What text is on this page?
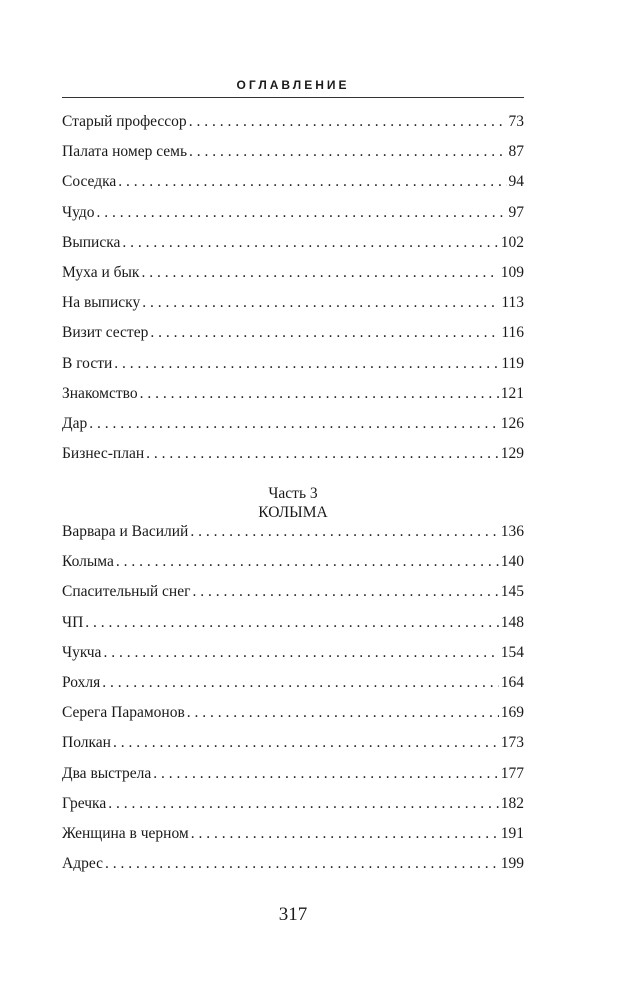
ОГЛАВЛЕНИЕ
Старый профессор . . .	73
Палата номер семь . . .	87
Соседка . . .	94
Чудо . . .	97
Выписка . . .	102
Муха и бык . . .	109
На выписку . . .	113
Визит сестер . . .	116
В гости . . .	119
Знакомство . . .	121
Дар . . .	126
Бизнес-план . . .	129
Часть 3
КОЛЫМА
Варвара и Василий . . .	136
Колыма . . .	140
Спасительный снег . . .	145
ЧП . . .	148
Чукча . . .	154
Рохля . . .	164
Серега Парамонов . . .	169
Полкан . . .	173
Два выстрела . . .	177
Гречка . . .	182
Женщина в черном . . .	191
Адрес . . .	199
317
